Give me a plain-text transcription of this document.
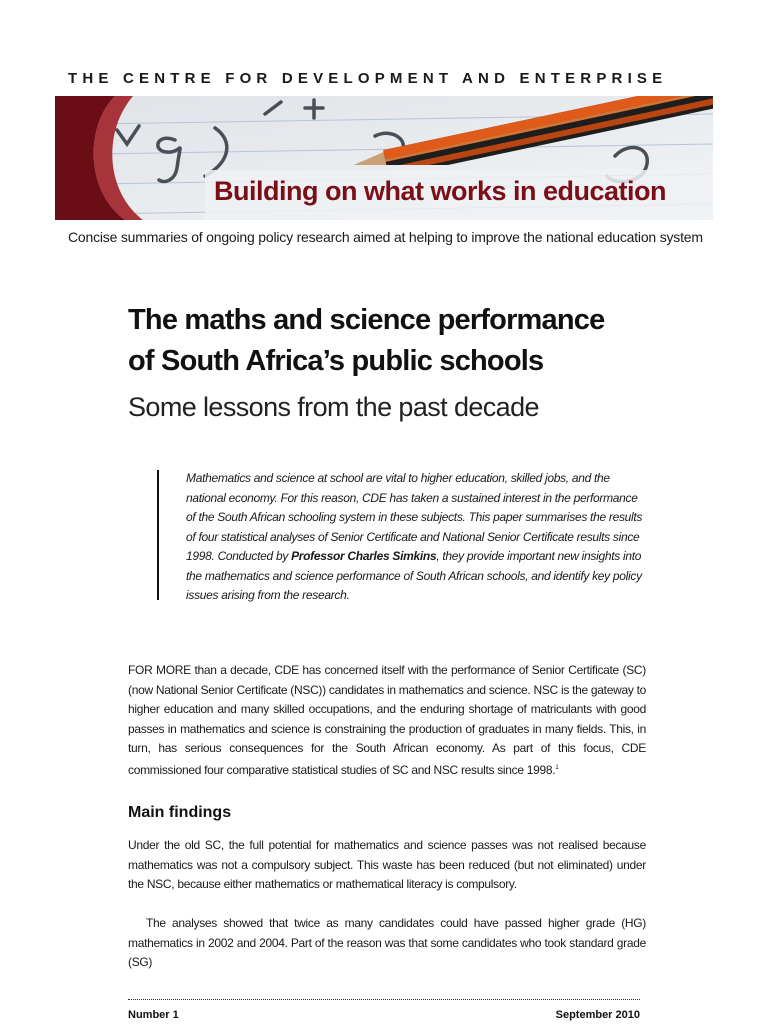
THE CENTRE FOR DEVELOPMENT AND ENTERPRISE
Building on what works in education
Concise summaries of ongoing policy research aimed at helping to improve the national education system
The maths and science performance
of South Africa’s public schools
Some lessons from the past decade
Mathematics and science at school are vital to higher education, skilled jobs, and the national economy. For this reason, CDE has taken a sustained interest in the performance of the South African schooling system in these subjects. This paper summarises the results of four statistical analyses of Senior Certificate and National Senior Certificate results since 1998. Conducted by Professor Charles Simkins, they provide important new insights into the mathematics and science performance of South African schools, and identify key policy issues arising from the research.
FOR MORE than a decade, CDE has concerned itself with the performance of Senior Certificate (SC) (now National Senior Certificate (NSC)) candidates in mathematics and science. NSC is the gateway to higher education and many skilled occupations, and the enduring shortage of matriculants with good passes in mathematics and science is constraining the production of graduates in many fields. This, in turn, has serious consequences for the South African economy. As part of this focus, CDE commissioned four comparative statistical studies of SC and NSC results since 1998.$^1$
Main findings
Under the old SC, the full potential for mathematics and science passes was not realised because mathematics was not a compulsory subject. This waste has been reduced (but not eliminated) under the NSC, because either mathematics or mathematical literacy is compulsory.
The analyses showed that twice as many candidates could have passed higher grade (HG) mathematics in 2002 and 2004. Part of the reason was that some candidates who took standard grade (SG)
Number 1	September 2010
